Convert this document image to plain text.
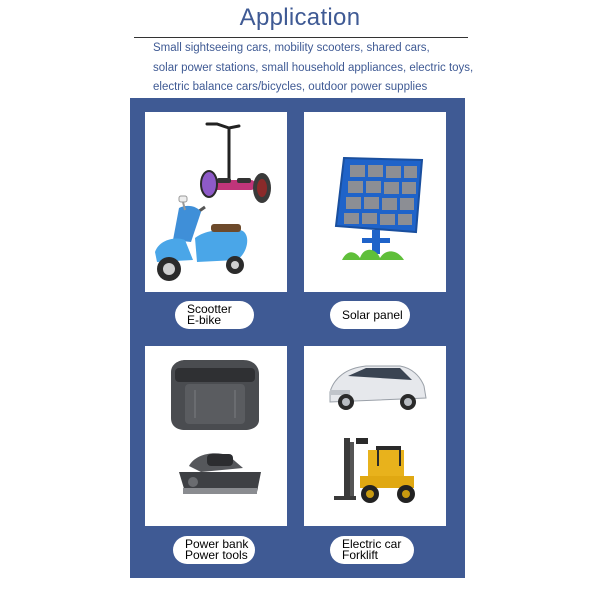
Application
Small sightseeing cars, mobility scooters, shared cars,
solar power stations, small household appliances, electric toys,
electric balance cars/bicycles, outdoor power supplies
Scootter
E-bike	Solar panel
Power bank
Power tools
Electric car
Forklift
